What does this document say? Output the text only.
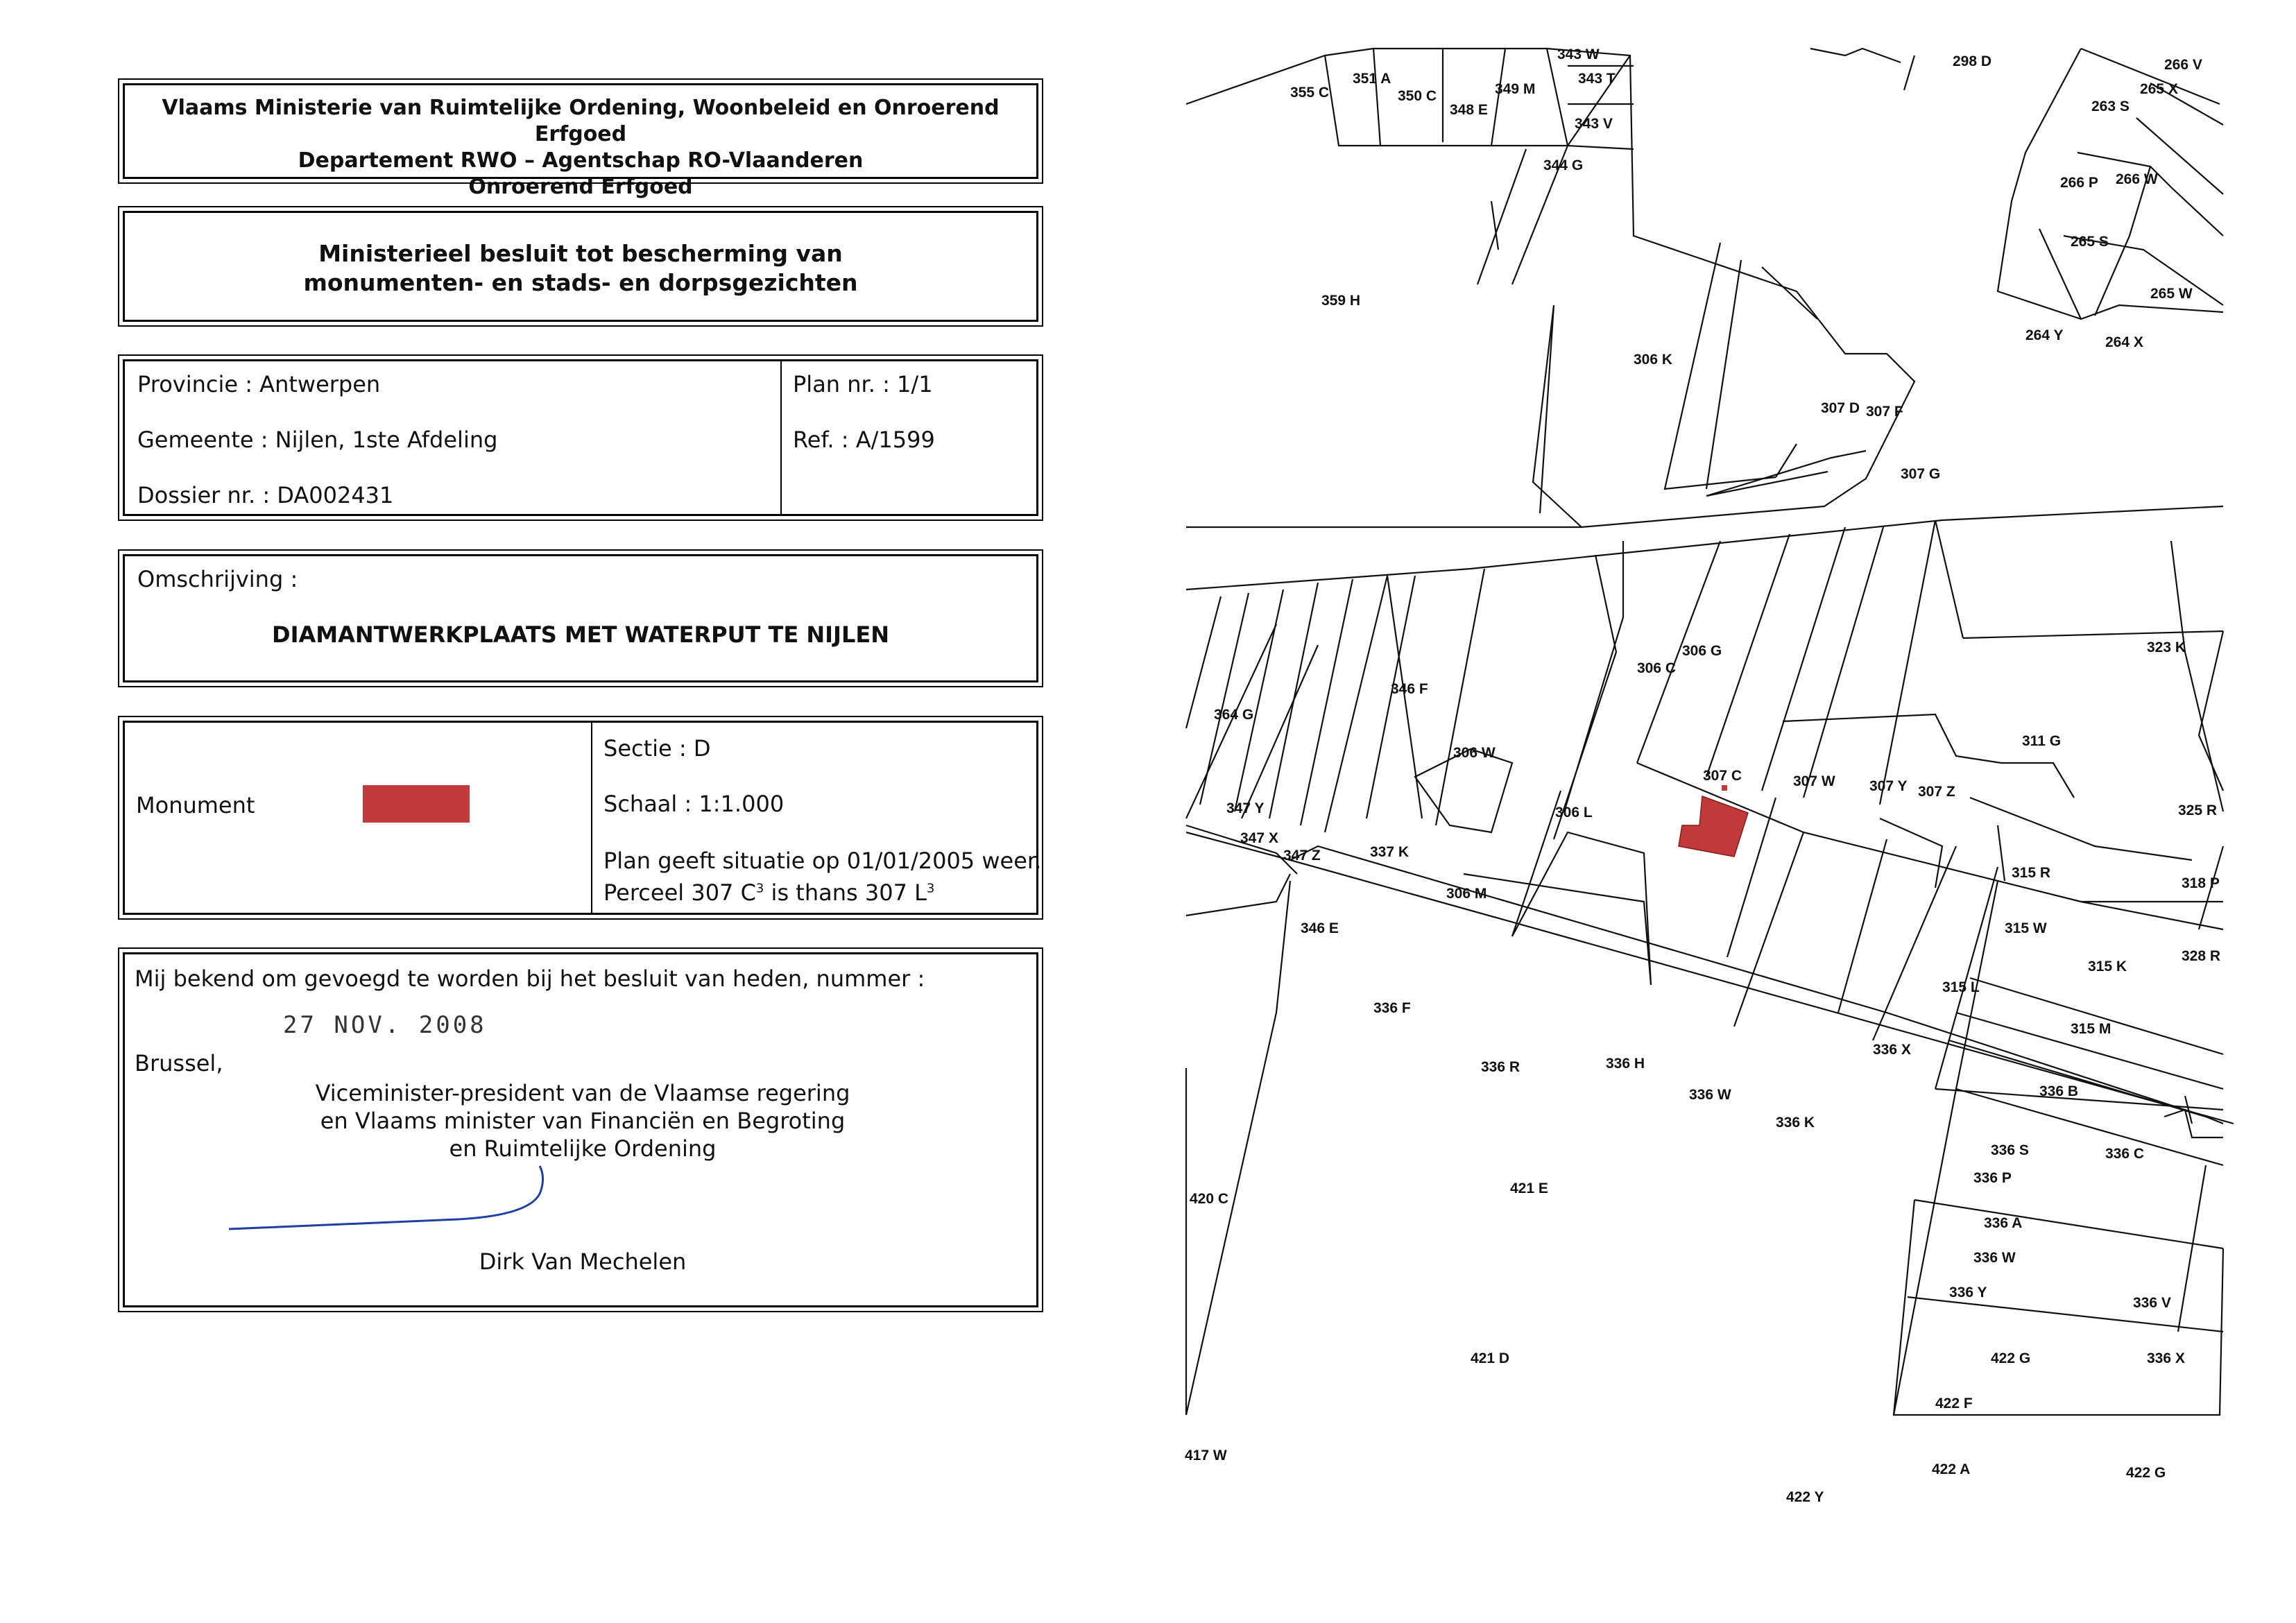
Vlaams Ministerie van Ruimtelijke Ordening, Woonbeleid en Onroerend Erfgoed
Departement RWO – Agentschap RO-Vlaanderen
Onroerend Erfgoed
Ministerieel besluit tot bescherming van
monumenten- en stads- en dorpsgezichten
Provincie : Antwerpen
Gemeente : Nijlen, 1ste Afdeling
Dossier nr. : DA002431
Plan nr. : 1/1
Ref. : A/1599
Omschrijving :
DIAMANTWERKPLAATS MET WATERPUT TE NIJLEN
Monument
Sectie : D
Schaal : 1:1.000
Plan geeft situatie op 01/01/2005 weer.
Perceel 307 $C^3$ is thans 307 $L^3$
Mij bekend om gevoegd te worden bij het besluit van heden, nummer :
27 NOV. 2008
Brussel,
Viceminister-president van de Vlaamse regering
en Vlaams minister van Financiën en Begroting
en Ruimtelijke Ordening
Dirk Van Mechelen
355 C
351 A
350 C
348 E
349 M
343 W
343 T
343 V
344 G
298 D	266 V
265 X
263 S
266 P 266 W
265 S
265 W
264 Y	264 X
359 H
306 K
307 D 307 F
307 G
323 K
306 G
306 C
346 F
364 G
306 W
307 C	307 W 307 Y 307 Z
311 G
306 L	325 R
347 Y
347 X
347 Z	337 K
306 M
315 R
318 P
315 W
346 E
328 R
315 K
315 L
336 F
315 M
336 X
336 R	336 H
336 W
336 K
336 B
336 S	336 C
336 P
420 C
421 E
336 A
336 W
336 Y
336 V
421 D	422 G	336 X
422 F
417 W
422 A	422 G
422 Y
